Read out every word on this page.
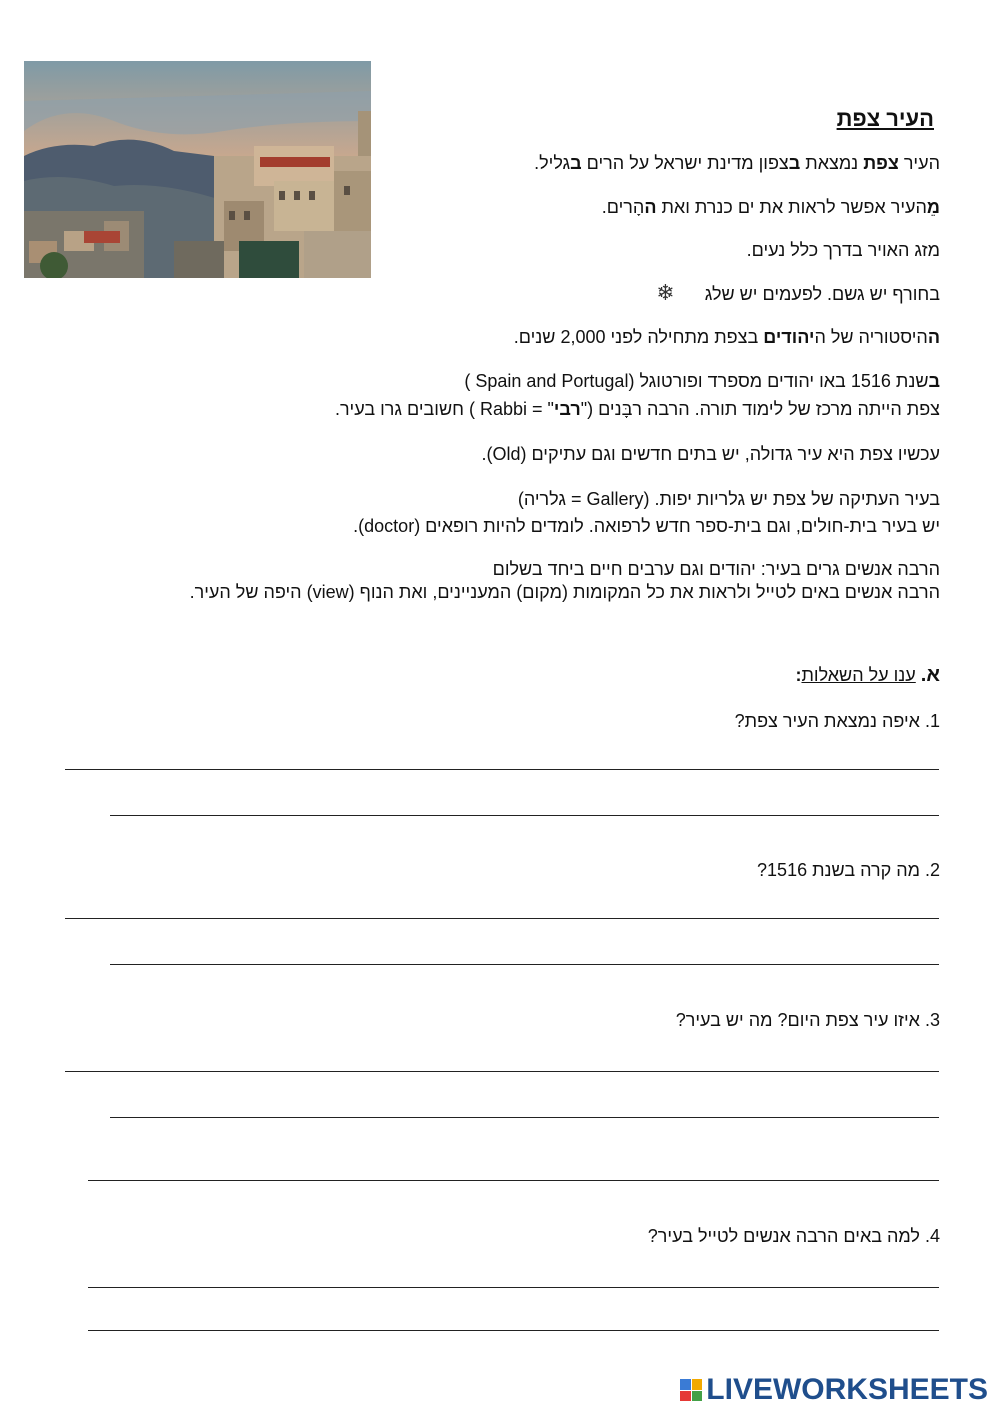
העיר צפת
העיר צפת נמצאת בצפון מדינת ישראל על הרים בגליל.
מֵהעיר אפשר לראות את ים כנרת ואת ההָרים.
מזג האויר בדרך כלל נעים.
בחורף יש גשם. לפעמים יש שלג❄
ההיסטוריה של היהודים בצפת מתחילה לפני 2,000 שנים.
בשנת 1516 באו יהודים מספרד ופורטוגל (Spain and Portugal )
צפת הייתה מרכז של לימוד תורה. הרבה רבָּנים ("רבי" = Rabbi ) חשובים גרו בעיר.
עכשיו צפת היא עיר גדולה, יש בתים חדשים וגם עתיקים (Old).
בעיר העתיקה של צפת יש גלריות יפות. (Gallery = גלריה)
יש בעיר בית-חולים, וגם בית-ספר חדש לרפואה. לומדים להיות רופאים (doctor).
הרבה אנשים גרים בעיר: יהודים וגם ערבים חיים ביחד בשלום
הרבה אנשים באים לטייל ולראות את כל המקומות (מקום) המעניינים, ואת הנוף (view) היפה של העיר.
א. ענו על השאלות:
1. איפה נמצאת העיר צפת?
2. מה קרה בשנת 1516?
3. איזו עיר צפת היום? מה יש בעיר?
4. למה באים הרבה אנשים לטייל בעיר?
LIVEWORKSHEETS
